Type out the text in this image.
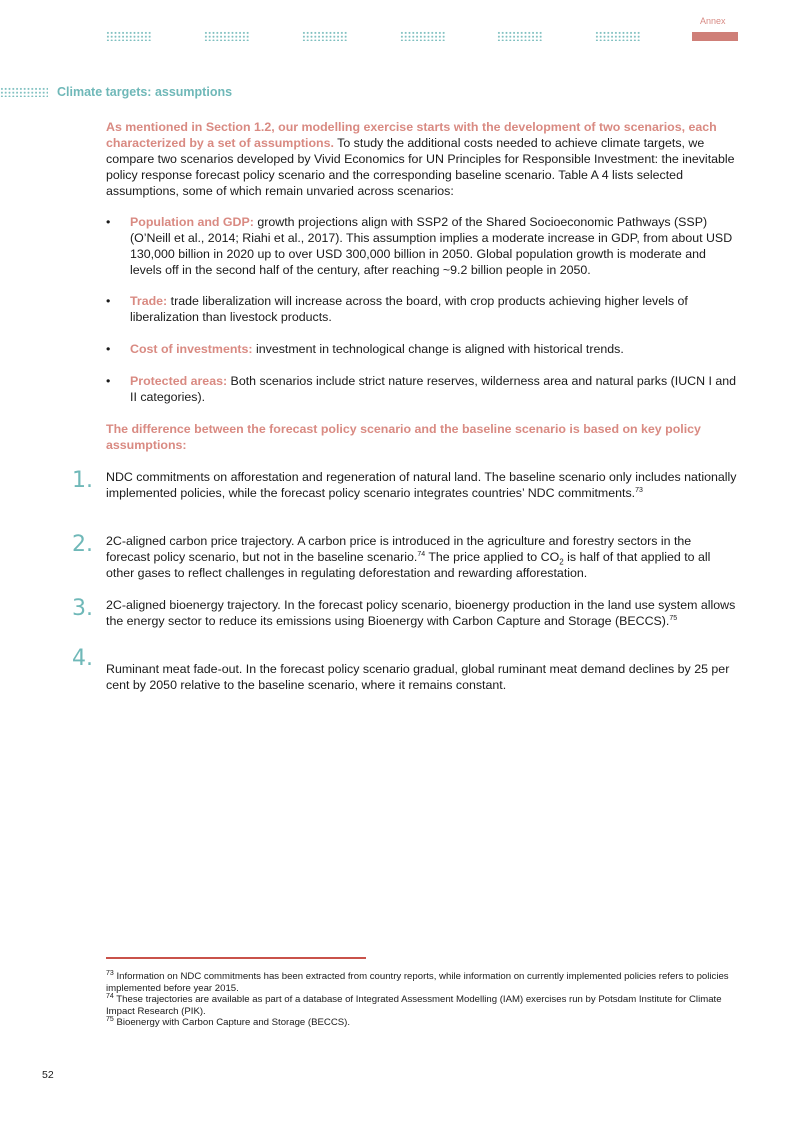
Annex
Climate targets: assumptions
As mentioned in Section 1.2, our modelling exercise starts with the development of two scenarios, each characterized by a set of assumptions. To study the additional costs needed to achieve climate targets, we compare two scenarios developed by Vivid Economics for UN Principles for Responsible Investment: the inevitable policy response forecast policy scenario and the corresponding baseline scenario. Table A 4 lists selected assumptions, some of which remain unvaried across scenarios:
• Population and GDP: growth projections align with SSP2 of the Shared Socioeconomic Pathways (SSP) (O’Neill et al., 2014; Riahi et al., 2017). This assumption implies a moderate increase in GDP, from about USD 130,000 billion in 2020 up to over USD 300,000 billion in 2050. Global population growth is moderate and levels off in the second half of the century, after reaching ~9.2 billion people in 2050.
• Trade: trade liberalization will increase across the board, with crop products achieving higher levels of liberalization than livestock products.
• Cost of investments: investment in technological change is aligned with historical trends.
• Protected areas: Both scenarios include strict nature reserves, wilderness area and natural parks (IUCN I and II categories).
The difference between the forecast policy scenario and the baseline scenario is based on key policy assumptions:
1. NDC commitments on afforestation and regeneration of natural land. The baseline scenario only includes nationally implemented policies, while the forecast policy scenario integrates countries’ NDC commitments.$^{73}$
2. 2C-aligned carbon price trajectory. A carbon price is introduced in the agriculture and forestry sectors in the forecast policy scenario, but not in the baseline scenario.$^{74}$ The price applied to $CO_2$ is half of that applied to all other gases to reflect challenges in regulating deforestation and rewarding afforestation.
3. 2C-aligned bioenergy trajectory. In the forecast policy scenario, bioenergy production in the land use system allows the energy sector to reduce its emissions using Bioenergy with Carbon Capture and Storage (BECCS).$^{75}$
4. Ruminant meat fade-out. In the forecast policy scenario gradual, global ruminant meat demand declines by 25 per cent by 2050 relative to the baseline scenario, where it remains constant.

$^{73}$ Information on NDC commitments has been extracted from country reports, while information on currently implemented policies refers to policies implemented before year 2015.

$^{74}$ These trajectories are available as part of a database of Integrated Assessment Modelling (IAM) exercises run by Potsdam Institute for Climate Impact Research (PIK).

$^{75}$ Bioenergy with Carbon Capture and Storage (BECCS).

52
